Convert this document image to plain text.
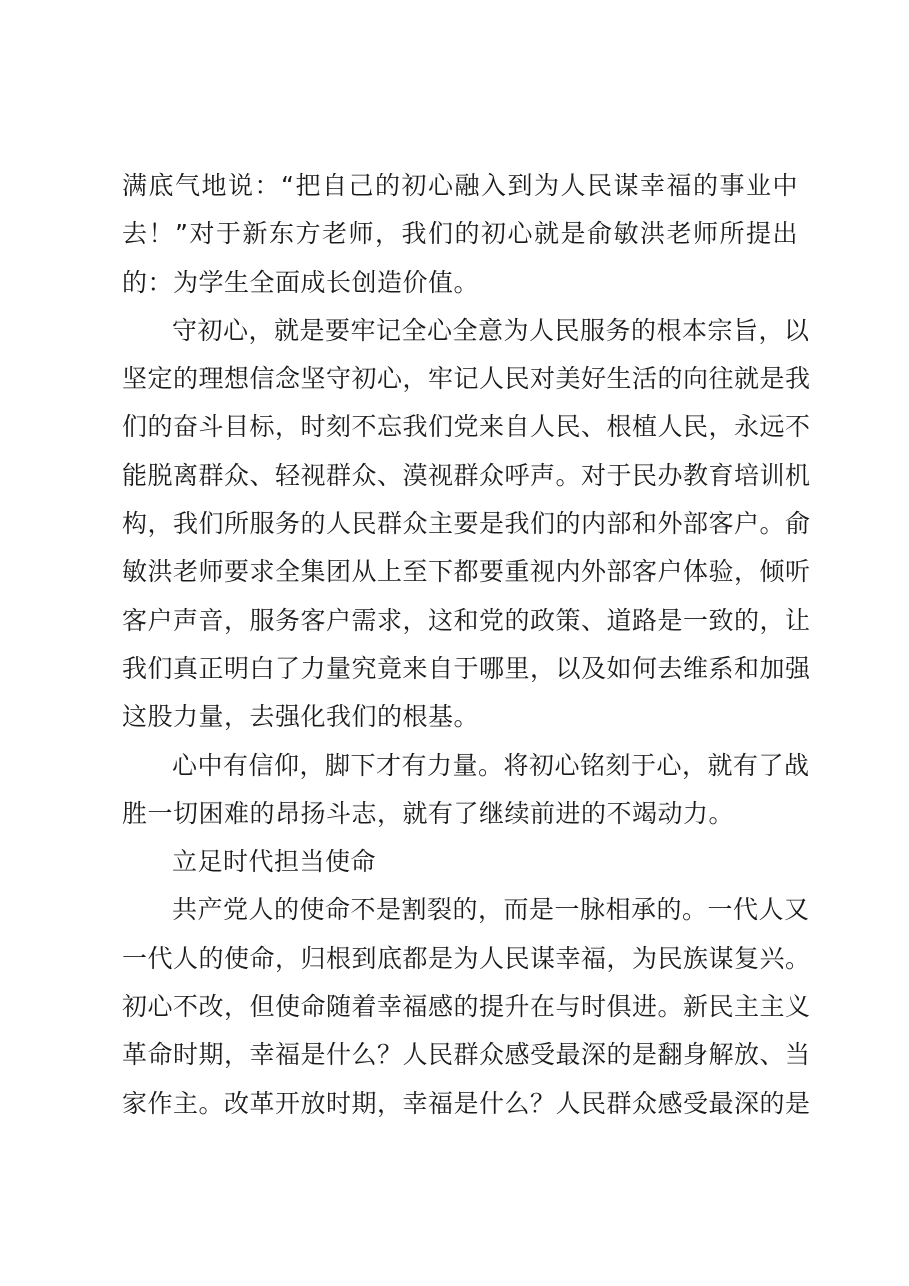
满底气地说：“把自己的初心融入到为人民谋幸福的事业中
去！”对于新东方老师，我们的初心就是俞敏洪老师所提出
的：为学生全面成长创造价值。
守初心，就是要牢记全心全意为人民服务的根本宗旨，以
坚定的理想信念坚守初心，牢记人民对美好生活的向往就是我
们的奋斗目标，时刻不忘我们党来自人民、根植人民，永远不
能脱离群众、轻视群众、漠视群众呼声。对于民办教育培训机
构，我们所服务的人民群众主要是我们的内部和外部客户。俞
敏洪老师要求全集团从上至下都要重视内外部客户体验，倾听
客户声音，服务客户需求，这和党的政策、道路是一致的，让
我们真正明白了力量究竟来自于哪里，以及如何去维系和加强
这股力量，去强化我们的根基。
心中有信仰，脚下才有力量。将初心铭刻于心，就有了战
胜一切困难的昂扬斗志，就有了继续前进的不竭动力。
立足时代担当使命
共产党人的使命不是割裂的，而是一脉相承的。一代人又
一代人的使命，归根到底都是为人民谋幸福，为民族谋复兴。
初心不改，但使命随着幸福感的提升在与时俱进。新民主主义
革命时期，幸福是什么？人民群众感受最深的是翻身解放、当
家作主。改革开放时期，幸福是什么？人民群众感受最深的是
